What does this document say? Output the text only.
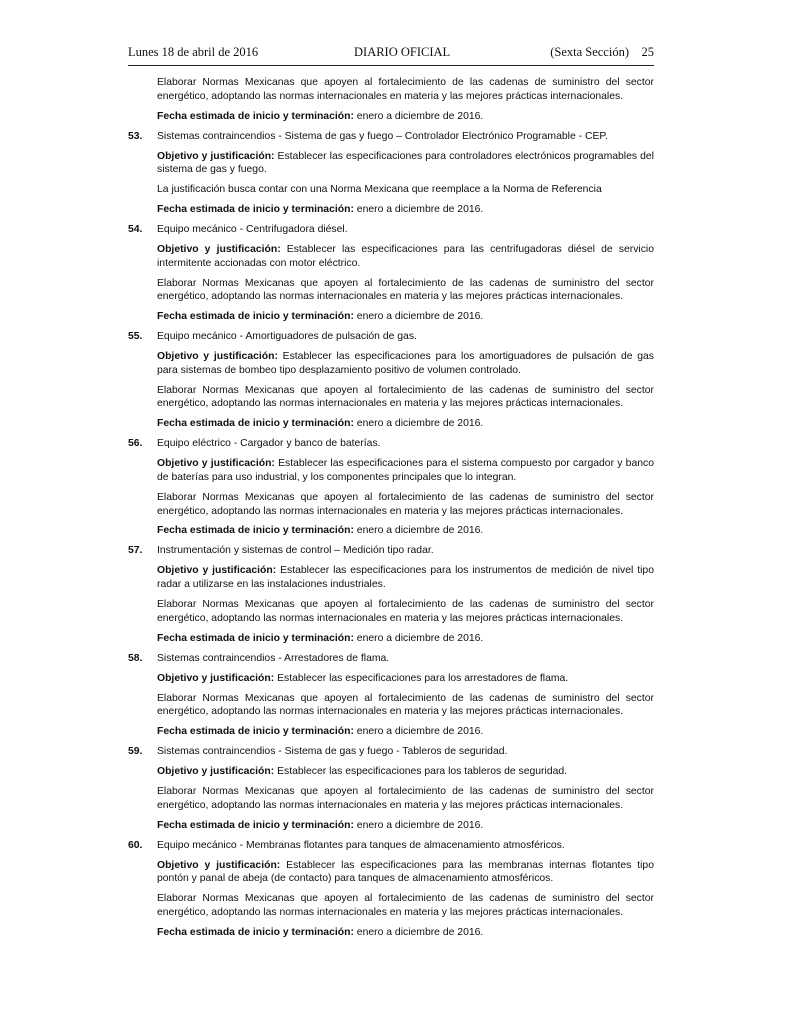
Lunes 18 de abril de 2016	DIARIO OFICIAL	(Sexta Sección) 25
Elaborar Normas Mexicanas que apoyen al fortalecimiento de las cadenas de suministro del sector energético, adoptando las normas internacionales en materia y las mejores prácticas internacionales.
Fecha estimada de inicio y terminación: enero a diciembre de 2016.
53.	Sistemas contraincendios - Sistema de gas y fuego – Controlador Electrónico Programable - CEP.
Objetivo y justificación: Establecer las especificaciones para controladores electrónicos programables del sistema de gas y fuego.
La justificación busca contar con una Norma Mexicana que reemplace a la Norma de Referencia
Fecha estimada de inicio y terminación: enero a diciembre de 2016.
54.	Equipo mecánico - Centrifugadora diésel.
Objetivo y justificación: Establecer las especificaciones para las centrifugadoras diésel de servicio intermitente accionadas con motor eléctrico.
Elaborar Normas Mexicanas que apoyen al fortalecimiento de las cadenas de suministro del sector energético, adoptando las normas internacionales en materia y las mejores prácticas internacionales.
Fecha estimada de inicio y terminación: enero a diciembre de 2016.
55.	Equipo mecánico - Amortiguadores de pulsación de gas.
Objetivo y justificación: Establecer las especificaciones para los amortiguadores de pulsación de gas para sistemas de bombeo tipo desplazamiento positivo de volumen controlado.
Elaborar Normas Mexicanas que apoyen al fortalecimiento de las cadenas de suministro del sector energético, adoptando las normas internacionales en materia y las mejores prácticas internacionales.
Fecha estimada de inicio y terminación: enero a diciembre de 2016.
56.	Equipo eléctrico - Cargador y banco de baterías.
Objetivo y justificación: Establecer las especificaciones para el sistema compuesto por cargador y banco de baterías para uso industrial, y los componentes principales que lo integran.
Elaborar Normas Mexicanas que apoyen al fortalecimiento de las cadenas de suministro del sector energético, adoptando las normas internacionales en materia y las mejores prácticas internacionales.
Fecha estimada de inicio y terminación: enero a diciembre de 2016.
57.	Instrumentación y sistemas de control – Medición tipo radar.
Objetivo y justificación: Establecer las especificaciones para los instrumentos de medición de nivel tipo radar a utilizarse en las instalaciones industriales.
Elaborar Normas Mexicanas que apoyen al fortalecimiento de las cadenas de suministro del sector energético, adoptando las normas internacionales en materia y las mejores prácticas internacionales.
Fecha estimada de inicio y terminación: enero a diciembre de 2016.
58.	Sistemas contraincendios - Arrestadores de flama.
Objetivo y justificación: Establecer las especificaciones para los arrestadores de flama.
Elaborar Normas Mexicanas que apoyen al fortalecimiento de las cadenas de suministro del sector energético, adoptando las normas internacionales en materia y las mejores prácticas internacionales.
Fecha estimada de inicio y terminación: enero a diciembre de 2016.
59.	Sistemas contraincendios - Sistema de gas y fuego - Tableros de seguridad.
Objetivo y justificación: Establecer las especificaciones para los tableros de seguridad.
Elaborar Normas Mexicanas que apoyen al fortalecimiento de las cadenas de suministro del sector energético, adoptando las normas internacionales en materia y las mejores prácticas internacionales.
Fecha estimada de inicio y terminación: enero a diciembre de 2016.
60.	Equipo mecánico - Membranas flotantes para tanques de almacenamiento atmosféricos.
Objetivo y justificación: Establecer las especificaciones para las membranas internas flotantes tipo pontón y panal de abeja (de contacto) para tanques de almacenamiento atmosféricos.
Elaborar Normas Mexicanas que apoyen al fortalecimiento de las cadenas de suministro del sector energético, adoptando las normas internacionales en materia y las mejores prácticas internacionales.
Fecha estimada de inicio y terminación: enero a diciembre de 2016.
